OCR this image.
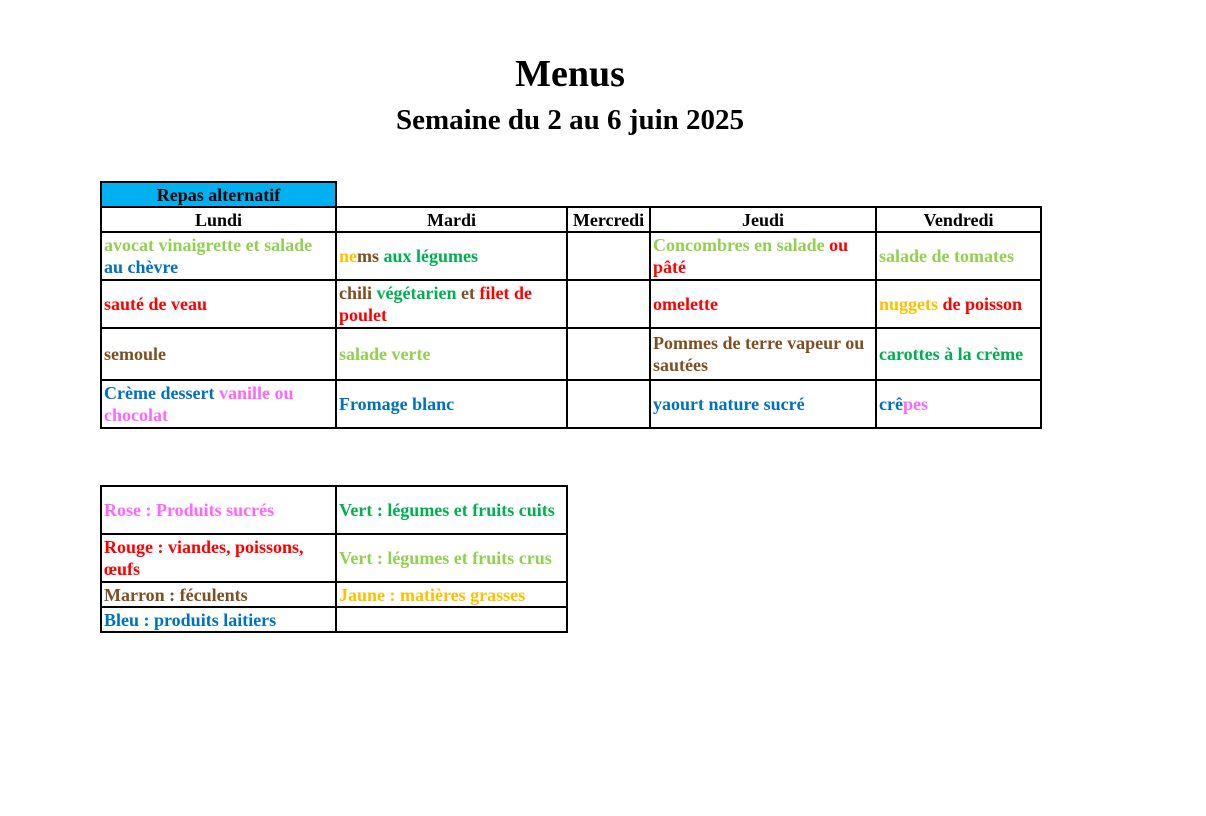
Menus
Semaine du 2 au 6 juin 2025
Repas alternatif				
Lundi	Mardi	Mercredi	Jeudi	Vendredi
avocat vinaigrette et salade au chèvre	nems aux légumes		Concombres en salade ou pâté	salade de tomates
sauté de veau	chili végétarien et filet de poulet		omelette	nuggets de poisson
semoule	salade verte		Pommes de terre vapeur ou sautées	carottes à la crème
Crème dessert vanille ou chocolat	Fromage blanc		yaourt nature sucré	crêpes
Rose : Produits sucrés	Vert : légumes et fruits cuits
Rouge : viandes, poissons, œufs	Vert : légumes et fruits crus
Marron : féculents	Jaune : matières grasses
Bleu : produits laitiers	
